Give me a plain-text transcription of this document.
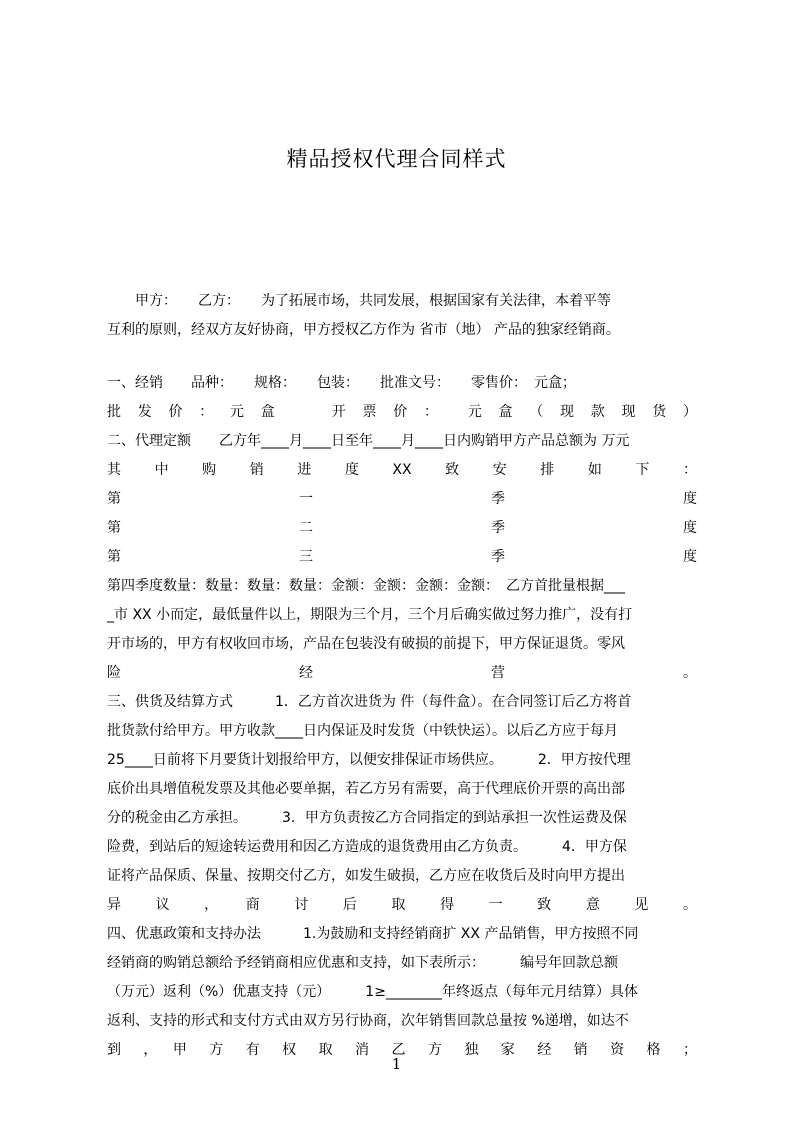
精品授权代理合同样式
　　甲方：　　乙方：　　为了拓展市场，共同发展，根据国家有关法律，本着平等
互利的原则，经双方友好协商，甲方授权乙方作为 省市（地） 产品的独家经销商。
一、经销　　品种：　　规格：　　包装：　　批准文号：　　零售价：　元盒；
批 发 价 ： 元 盒　　 开 票 价 ：　 元 盒 （ 现 款 现 货 ）
二、代理定额　　乙方年____月____日至年____月____日内购销甲方产品总额为 万元
其　中　购　销　进　度　XX　致　安　排　如　下　：
第　　　　　　　一　　　　　　　季　　　　　　　度
第　　　　　　　二　　　　　　　季　　　　　　　度
第　　　　　　　三　　　　　　　季　　　　　　　度
第四季度数量：数量：数量：数量：金额：金额：金额：金额：　乙方首批量根据___
_市 XX 小而定，最低量件以上，期限为三个月，三个月后确实做过努力推广，没有打
开市场的，甲方有权收回市场，产品在包装没有破损的前提下，甲方保证退货。零风
险　　　　　　　　　经　　　　　　　　　营　　　　　　　　　。
三、供货及结算方式　　　1．乙方首次进货为 件（每件盒）。在合同签订后乙方将首
批货款付给甲方。甲方收款____日内保证及时发货（中铁快运）。以后乙方应于每月
25____日前将下月要货计划报给甲方，以便安排保证市场供应。　　　2．甲方按代理
底价出具增值税发票及其他必要单据，若乙方另有需要，高于代理底价开票的高出部
分的税金由乙方承担。　　　3．甲方负责按乙方合同指定的到站承担一次性运费及保
险费，到站后的短途转运费用和因乙方造成的退货费用由乙方负责。　　　4．甲方保
证将产品保质、保量、按期交付乙方，如发生破损，乙方应在收货后及时向甲方提出
异　　议　　，　　商　　讨　　后　　取　　得　　一　　致　　意　　见　　。
四、优惠政策和支持办法　　　1.为鼓励和支持经销商扩 XX 产品销售，甲方按照不同
经销商的购销总额给予经销商相应优惠和支持，如下表所示：　　　编号年回款总额
（万元）返利（%）优惠支持（元）　　　1≥________年终返点（每年元月结算）具体
返利、支持的形式和支付方式由双方另行协商，次年销售回款总量按 %递增，如达不
到　，　甲　方　有　权　取　消　乙　方　独　家　经　销　资　格　；
1
